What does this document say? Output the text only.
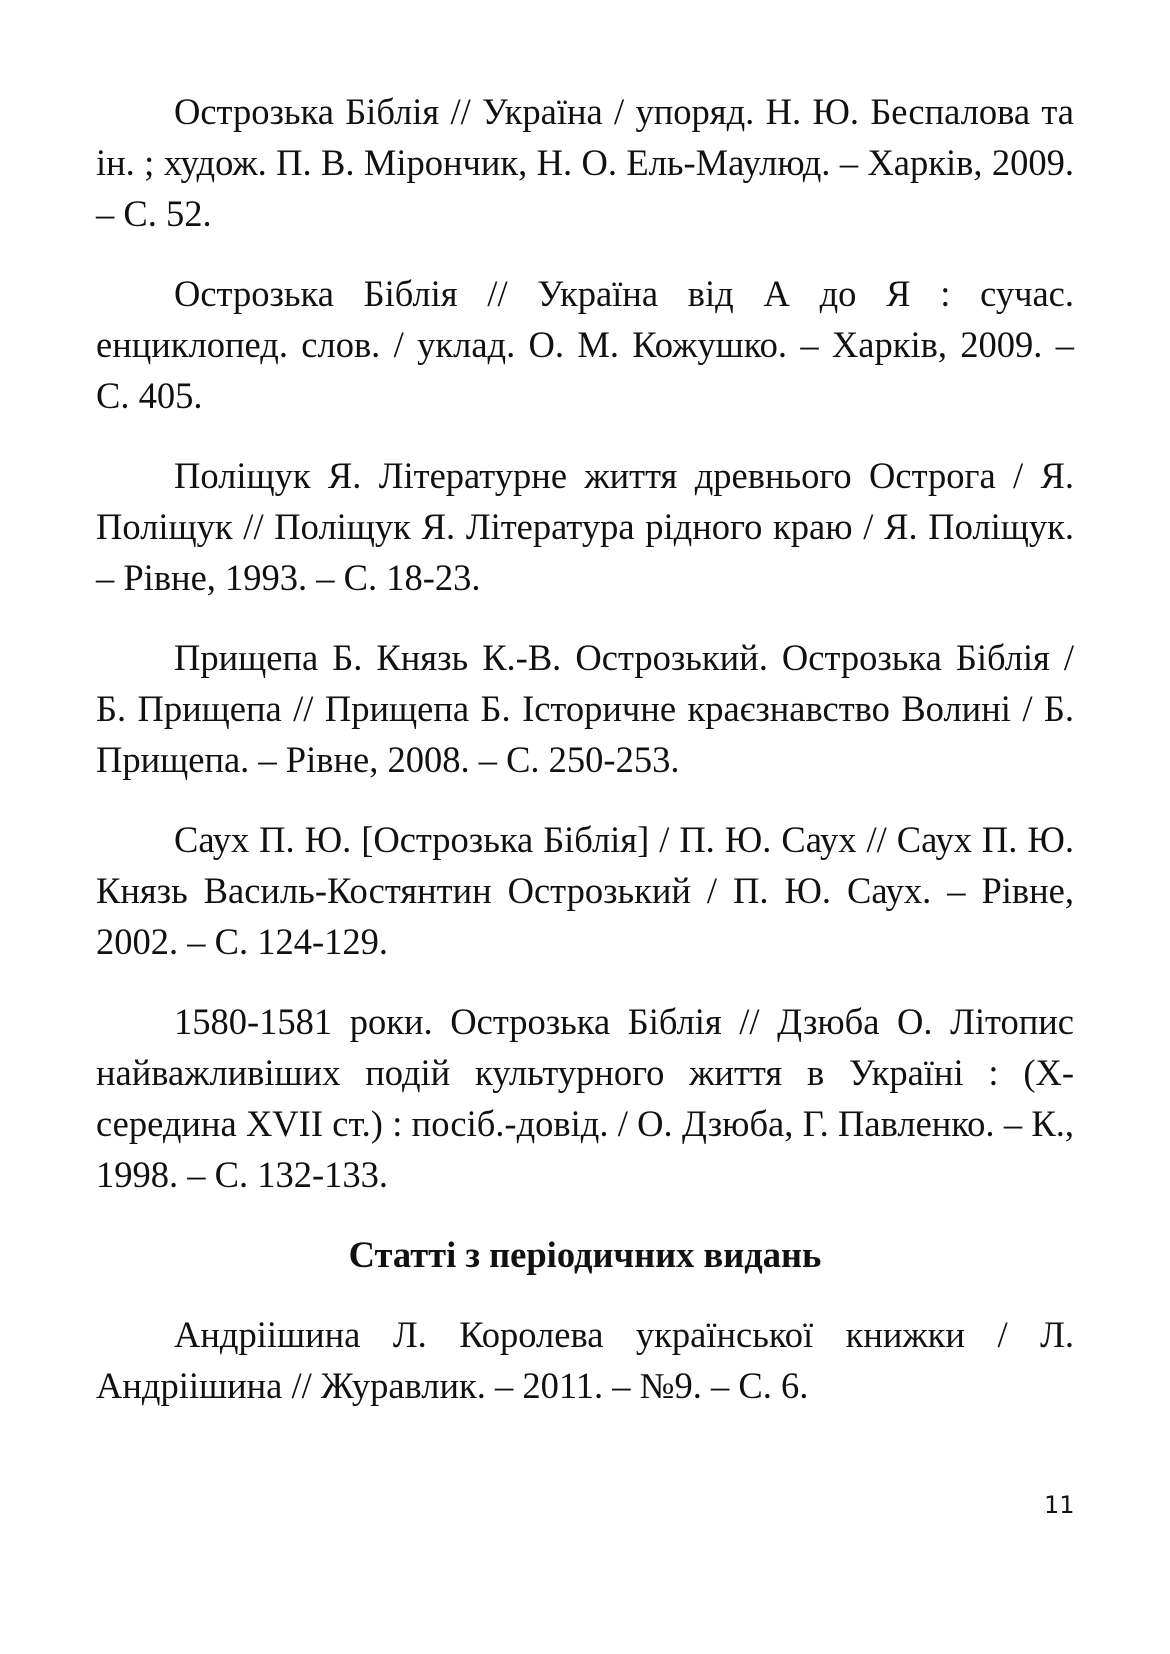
Острозька Біблія // Україна / упоряд. Н. Ю. Беспалова та ін. ; худож. П. В. Мірончик, Н. О. Ель-Маулюд. – Харків, 2009. – С. 52.

Острозька Біблія // Україна від А до Я : сучас. енциклопед. слов. / уклад. О. М. Кожушко. – Харків, 2009. – С. 405.

Поліщук Я. Літературне життя древнього Острога / Я. Поліщук // Поліщук Я. Література рідного краю / Я. Поліщук. – Рівне, 1993. – С. 18-23.

Прищепа Б. Князь К.-В. Острозький. Острозька Біблія / Б. Прищепа // Прищепа Б. Історичне краєзнавство Волині / Б. Прищепа. – Рівне, 2008. – С. 250-253.

Саух П. Ю. [Острозька Біблія] / П. Ю. Саух // Саух П. Ю. Князь Василь-Костянтин Острозький / П. Ю. Саух. – Рівне, 2002. – С. 124-129.

1580-1581 роки. Острозька Біблія // Дзюба О. Літопис найважливіших подій культурного життя в Україні : (Х-середина XVII ст.) : посіб.-довід. / О. Дзюба, Г. Павленко. – К., 1998. – С. 132-133.

Статті з періодичних видань

Андріішина Л. Королева української книжки / Л. Андріішина // Журавлик. – 2011. – №9. – С. 6.

11
